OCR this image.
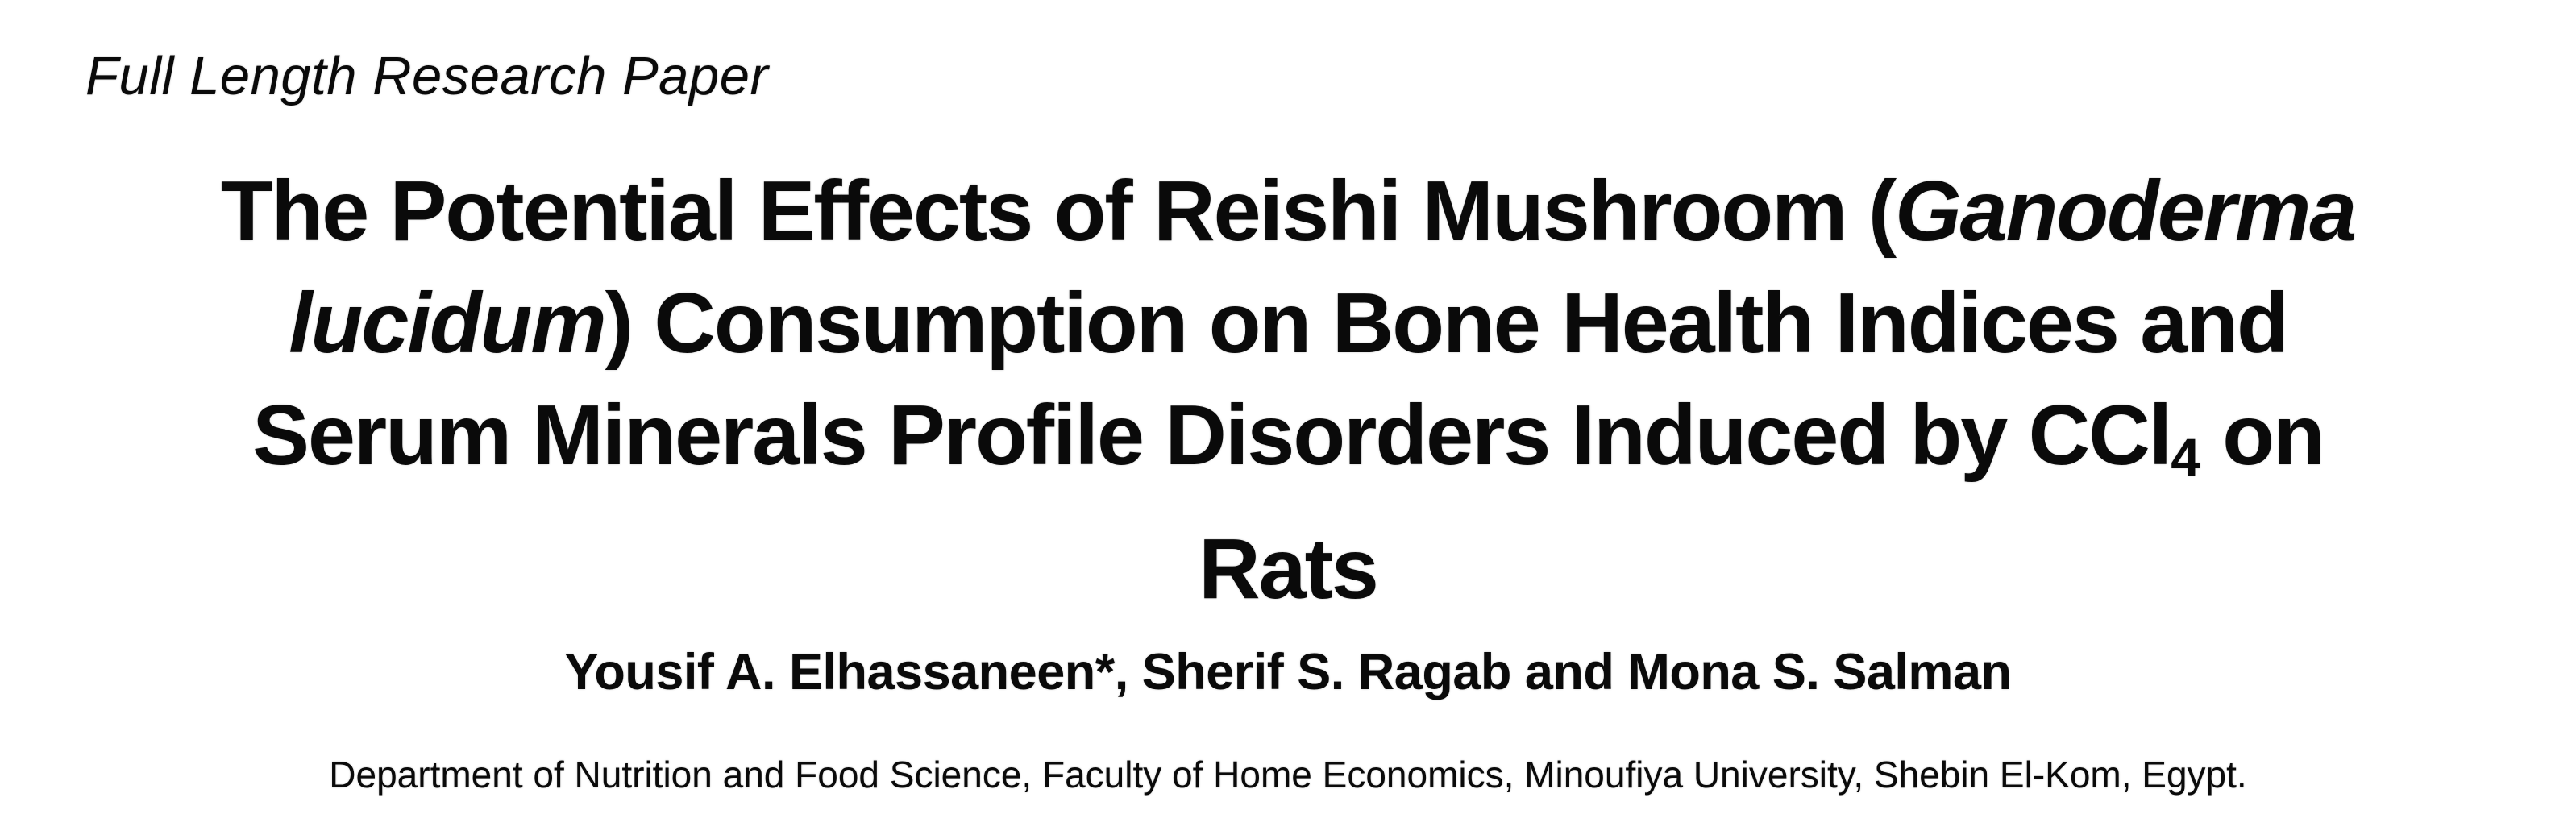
Full Length Research Paper
The Potential Effects of Reishi Mushroom (Ganoderma
lucidum) Consumption on Bone Health Indices and
Serum Minerals Profile Disorders Induced by CCl4 on
Rats
Yousif A. Elhassaneen*, Sherif S. Ragab and Mona S. Salman
Department of Nutrition and Food Science, Faculty of Home Economics, Minoufiya University, Shebin El-Kom, Egypt.
